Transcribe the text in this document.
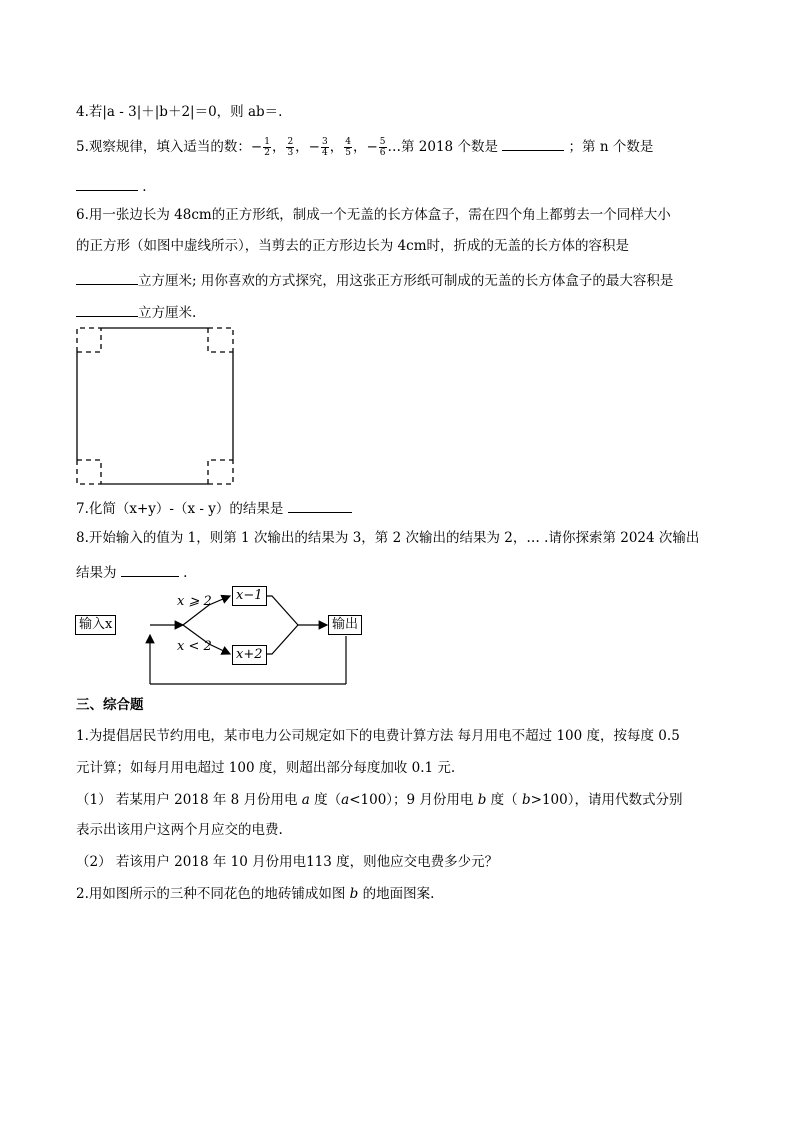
4.若|a - 3|＋|b＋2|＝0，则 ab＝.
5.观察规律，填入适当的数：− $\frac{1}{2}$ ， $\frac{2}{3}$ ，− $\frac{3}{4}$ ， $\frac{4}{5}$ ，− $\frac{5}{6}$ …第 2018 个数是	；第 n 个数是
.
6.用一张边长为 48cm的正方形纸，制成一个无盖的长方体盒子，需在四个角上都剪去一个同样大小
的正方形（如图中虚线所示），当剪去的正方形边长为 4cm时，折成的无盖的长方体的容积是
立方厘米; 用你喜欢的方式探究，用这张正方形纸可制成的无盖的长方体盒子的最大容积是
立方厘米.
7.化简（x+y）-（x - y）的结果是
8.开始输入的值为 1，则第 1 次输出的结果为 3，第 2 次输出的结果为 2，… .请你探索第 2024 次输出
结果为	.
输入x
x−1
x+2
输出
x ⩾ 2
x < 2
三、综合题
1.为提倡居民节约用电，某市电力公司规定如下的电费计算方法 每月用电不超过 100 度，按每度 0.5
元计算；如每月用电超过 100 度，则超出部分每度加收 0.1 元.
（1） 若某用户 2018 年 8 月份用电 a 度（a<100）；9 月份用电 b 度（ b>100），请用代数式分别
表示出该用户这两个月应交的电费.
（2） 若该用户 2018 年 10 月份用电113 度，则他应交电费多少元？
2.用如图所示的三种不同花色的地砖铺成如图 b 的地面图案.
